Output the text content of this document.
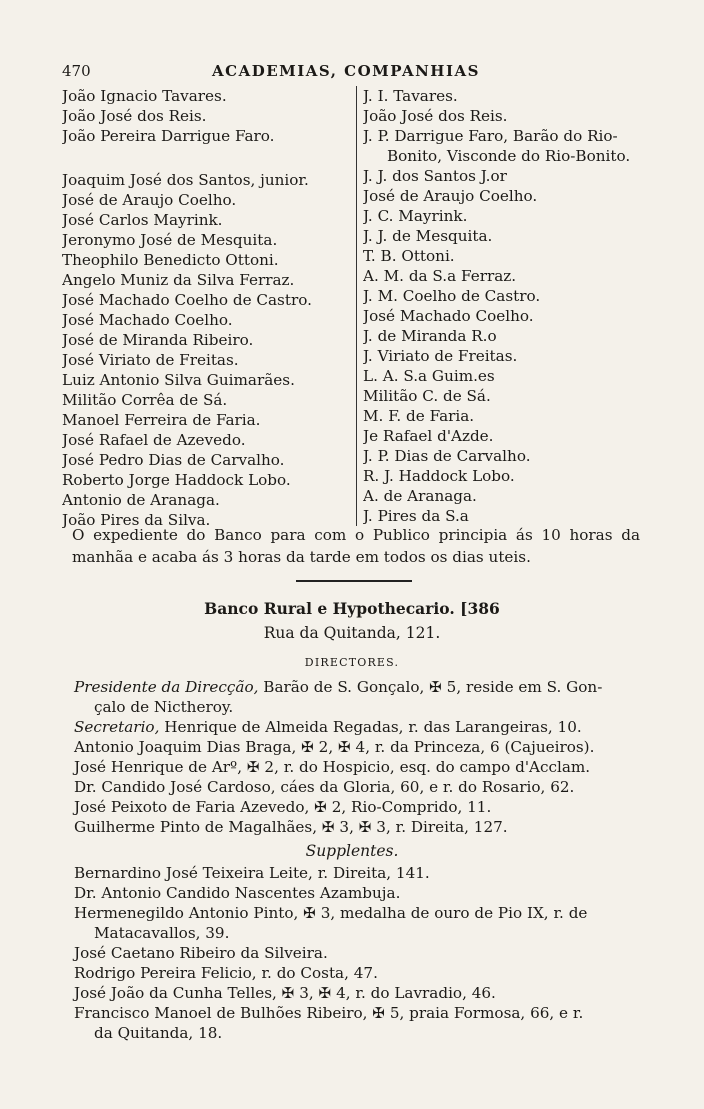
470	ACADEMIAS, COMPANHIAS
João Ignacio Tavares.
João José dos Reis.
João Pereira Darrigue Faro.
Joaquim José dos Santos, junior.
José de Araujo Coelho.
José Carlos Mayrink.
Jeronymo José de Mesquita.
Theophilo Benedicto Ottoni.
Angelo Muniz da Silva Ferraz.
José Machado Coelho de Castro.
José Machado Coelho.
José de Miranda Ribeiro.
José Viriato de Freitas.
Luiz Antonio Silva Guimarães.
Militão Corrêa de Sá.
Manoel Ferreira de Faria.
José Rafael de Azevedo.
José Pedro Dias de Carvalho.
Roberto Jorge Haddock Lobo.
Antonio de Aranaga.
João Pires da Silva.
J. I. Tavares.
João José dos Reis.
J. P. Darrigue Faro, Barão do Rio-
Bonito, Visconde do Rio-Bonito.
J. J. dos Santos J.or
José de Araujo Coelho.
J. C. Mayrink.
J. J. de Mesquita.
T. B. Ottoni.
A. M. da S.a Ferraz.
J. M. Coelho de Castro.
José Machado Coelho.
J. de Miranda R.o
J. Viriato de Freitas.
L. A. S.a Guim.es
Militão C. de Sá.
M. F. de Faria.
Je Rafael d'Azde.
J. P. Dias de Carvalho.
R. J. Haddock Lobo.
A. de Aranaga.
J. Pires da S.a
O expediente do Banco para com o Publico principia ás 10 horas da manhãa e acaba ás 3 horas da tarde em todos os dias uteis.
Banco Rural e Hypothecario. [386
Rua da Quitanda, 121.
DIRECTORES.
Presidente da Direcção, Barão de S. Gonçalo, ✠ 5, reside em S. Gon-
çalo de Nictheroy.
Secretario, Henrique de Almeida Regadas, r. das Larangeiras, 10.
Antonio Joaquim Dias Braga, ✠ 2, ✠ 4, r. da Princeza, 6 (Cajueiros).
José Henrique de Arº, ✠ 2, r. do Hospicio, esq. do campo d'Acclam.
Dr. Candido José Cardoso, cáes da Gloria, 60, e r. do Rosario, 62.
José Peixoto de Faria Azevedo, ✠ 2, Rio-Comprido, 11.
Guilherme Pinto de Magalhães, ✠ 3, ✠ 3, r. Direita, 127.
Supplentes.
Bernardino José Teixeira Leite, r. Direita, 141.
Dr. Antonio Candido Nascentes Azambuja.
Hermenegildo Antonio Pinto, ✠ 3, medalha de ouro de Pio IX, r. de
Matacavallos, 39.
José Caetano Ribeiro da Silveira.
Rodrigo Pereira Felicio, r. do Costa, 47.
José João da Cunha Telles, ✠ 3, ✠ 4, r. do Lavradio, 46.
Francisco Manoel de Bulhões Ribeiro, ✠ 5, praia Formosa, 66, e r.
da Quitanda, 18.
